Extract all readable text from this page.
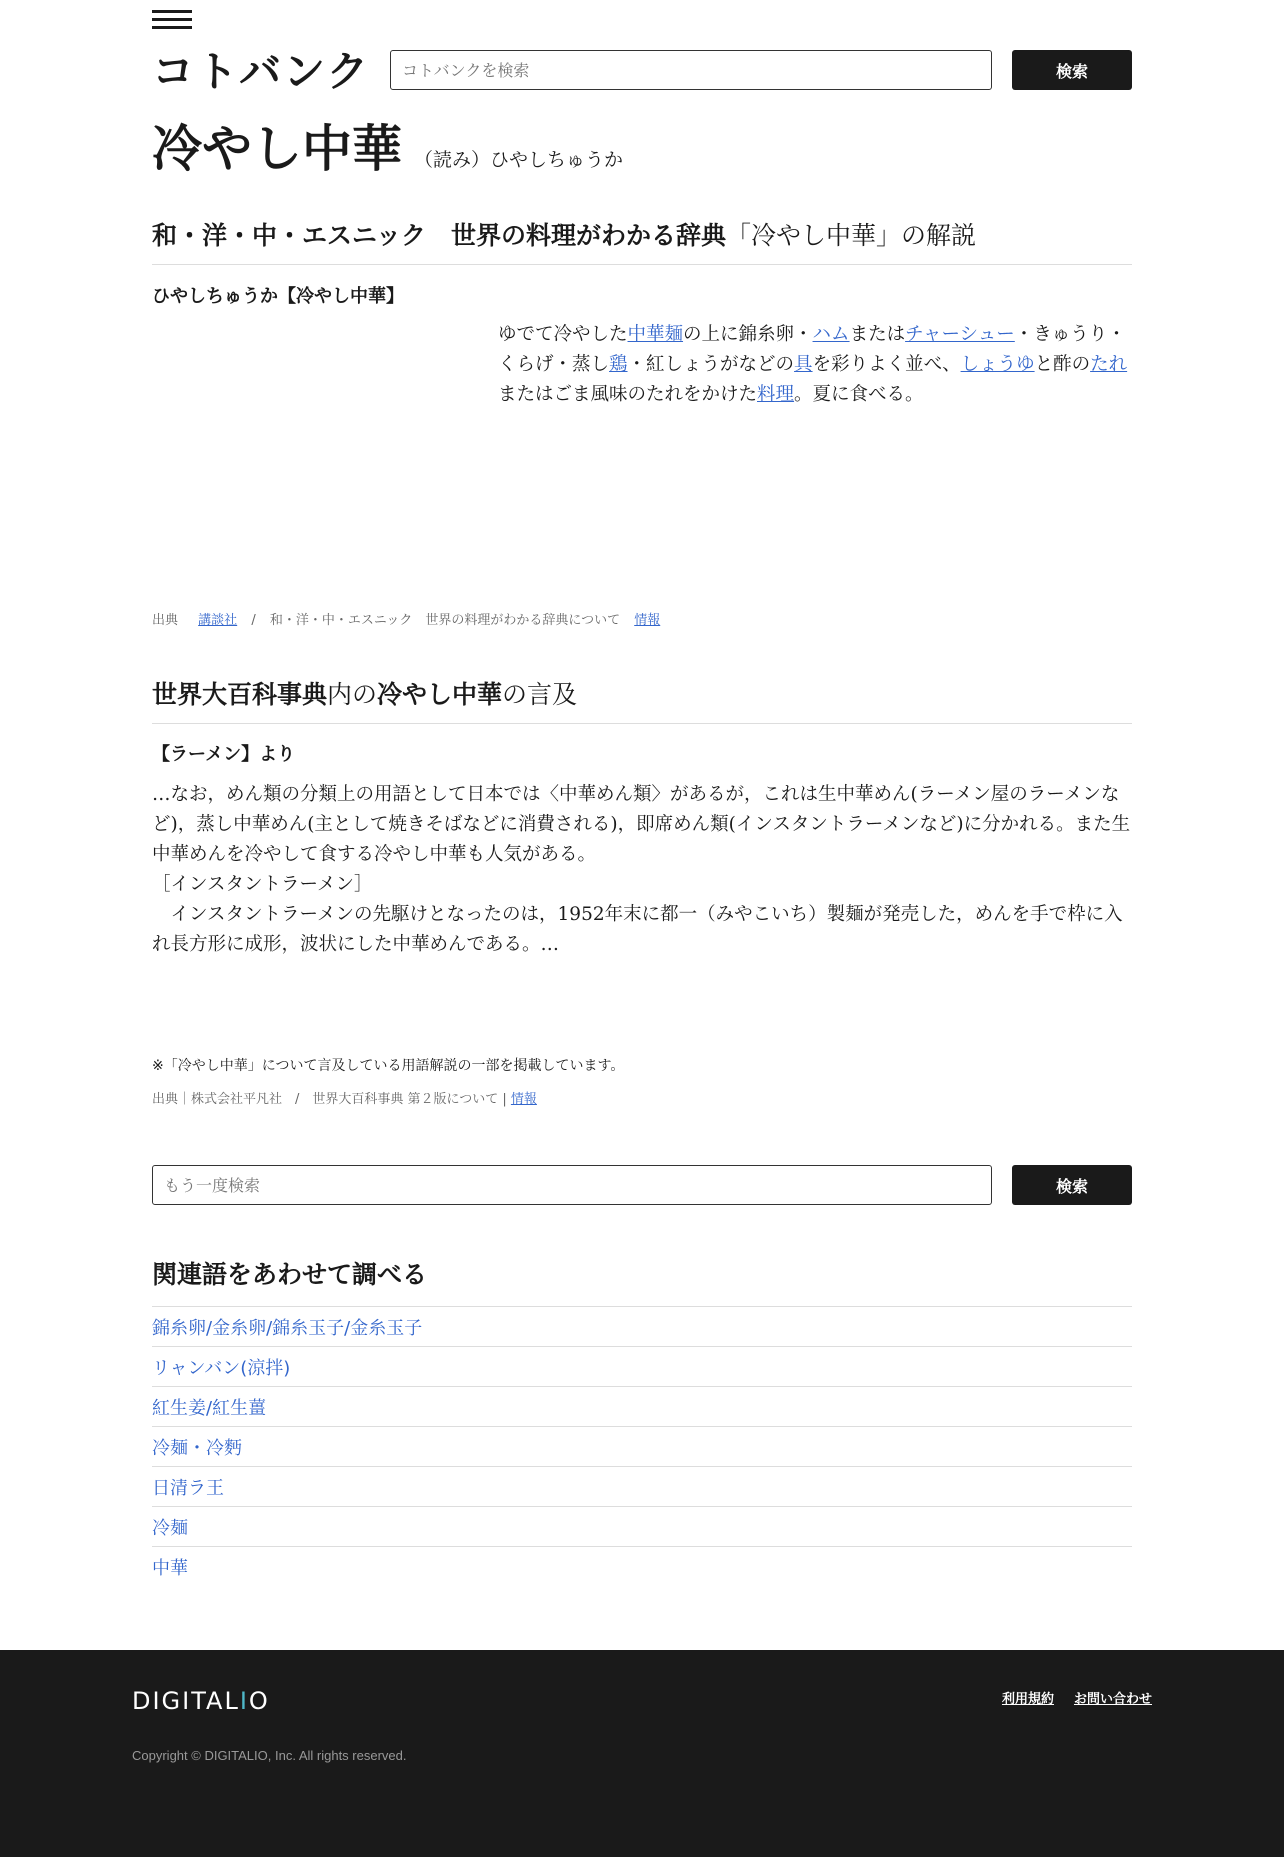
コトバンク
コトバンクを検索	検索
冷やし中華 （読み）ひやしちゅうか
和・洋・中・エスニック　世界の料理がわかる辞典「冷やし中華」の解説
ひやしちゅうか【冷やし中華】

ゆでて冷やした中華麺の上に錦糸卵・ハムまたはチャーシュー・きゅうり・くらげ・蒸し鶏・紅しょうがなどの具を彩りよく並べ、しょうゆと酢のたれまたはごま風味のたれをかけた料理。夏に食べる。

出典 講談社 / 和・洋・中・エスニック　世界の料理がわかる辞典について 情報
世界大百科事典内の冷やし中華の言及
【ラーメン】より

…なお，めん類の分類上の用語として日本では〈中華めん類〉があるが，これは生中華めん(ラーメン屋のラーメンなど)，蒸し中華めん(主として焼きそばなどに消費される)，即席めん類(インスタントラーメンなど)に分かれる。また生中華めんを冷やして食する冷やし中華も人気がある。

［インスタントラーメン］

　インスタントラーメンの先駆けとなったのは，1952年末に都一（みやこいち）製麺が発売した，めんを手で枠に入れ長方形に成形，波状にした中華めんである。…

※「冷やし中華」について言及している用語解説の一部を掲載しています。
出典｜株式会社平凡社　/　世界大百科事典 第２版について | 情報
もう一度検索
検索
関連語をあわせて調べる
錦糸卵/金糸卵/錦糸玉子/金糸玉子
リャンバン(涼拌)
紅生姜/紅生薑
冷麺・冷麪
日清ラ王
冷麺
中華
DIGITALIO	利用規約 お問い合わせ
Copyright © DIGITALIO, Inc. All rights reserved.
